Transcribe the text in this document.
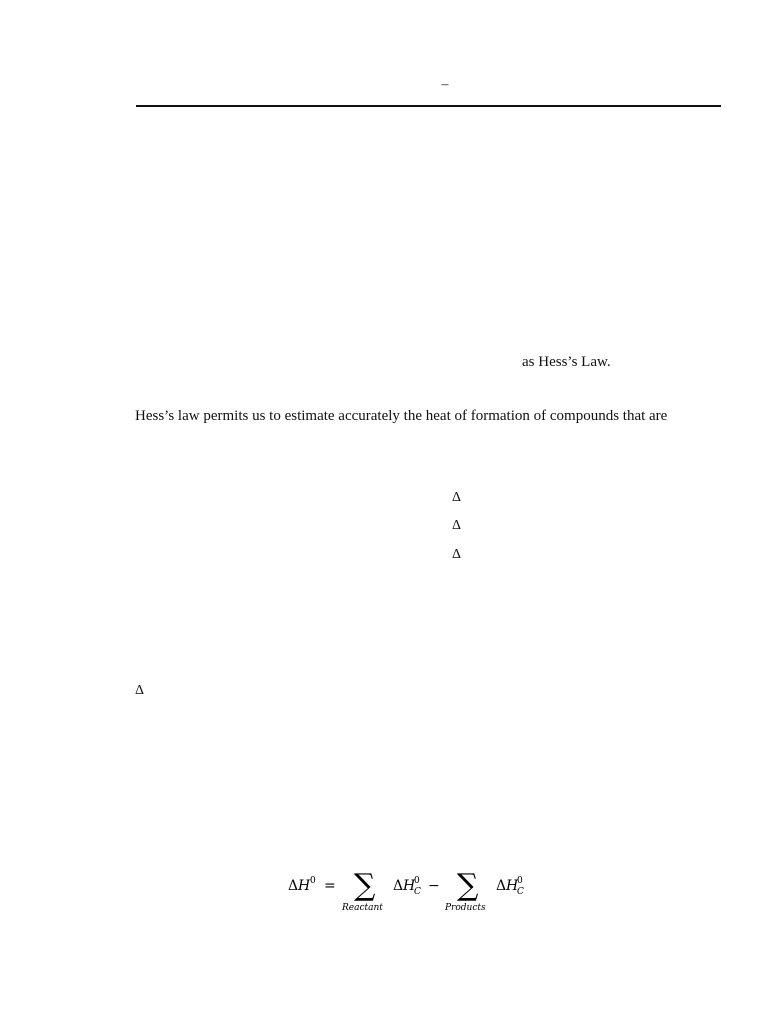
–
as Hess’s Law.
Hess’s law permits us to estimate accurately the heat of formation of compounds that are
Δ
Δ
Δ
Δ
Δ H 0 = ∑
Reactant
Δ H
0
C − ∑
Products
Δ H
0
C
